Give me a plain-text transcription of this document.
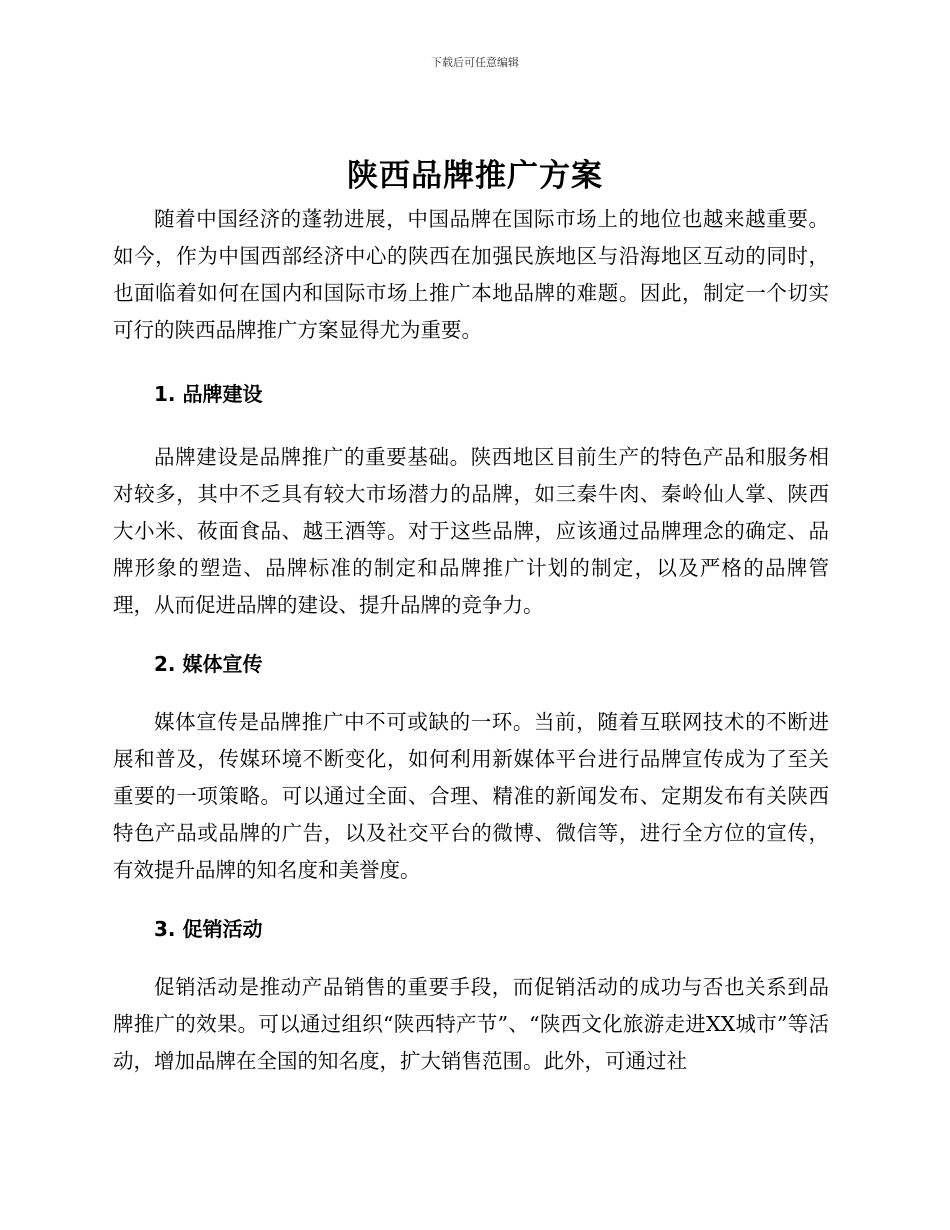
下载后可任意编辑
陕西品牌推广方案

随着中国经济的蓬勃进展，中国品牌在国际市场上的地位也越来越重要。如今，作为中国西部经济中心的陕西在加强民族地区与沿海地区互动的同时，也面临着如何在国内和国际市场上推广本地品牌的难题。因此，制定一个切实可行的陕西品牌推广方案显得尤为重要。

1. 品牌建设

品牌建设是品牌推广的重要基础。陕西地区目前生产的特色产品和服务相对较多，其中不乏具有较大市场潜力的品牌，如三秦牛肉、秦岭仙人掌、陕西大小米、莜面食品、越王酒等。对于这些品牌，应该通过品牌理念的确定、品牌形象的塑造、品牌标准的制定和品牌推广计划的制定，以及严格的品牌管理，从而促进品牌的建设、提升品牌的竞争力。

2. 媒体宣传

媒体宣传是品牌推广中不可或缺的一环。当前，随着互联网技术的不断进展和普及，传媒环境不断变化，如何利用新媒体平台进行品牌宣传成为了至关重要的一项策略。可以通过全面、合理、精准的新闻发布、定期发布有关陕西特色产品或品牌的广告，以及社交平台的微博、微信等，进行全方位的宣传，有效提升品牌的知名度和美誉度。

3. 促销活动

促销活动是推动产品销售的重要手段，而促销活动的成功与否也关系到品牌推广的效果。可以通过组织“陕西特产节”、“陕西文化旅游走进XX城市”等活动，增加品牌在全国的知名度，扩大销售范围。此外，可通过社
